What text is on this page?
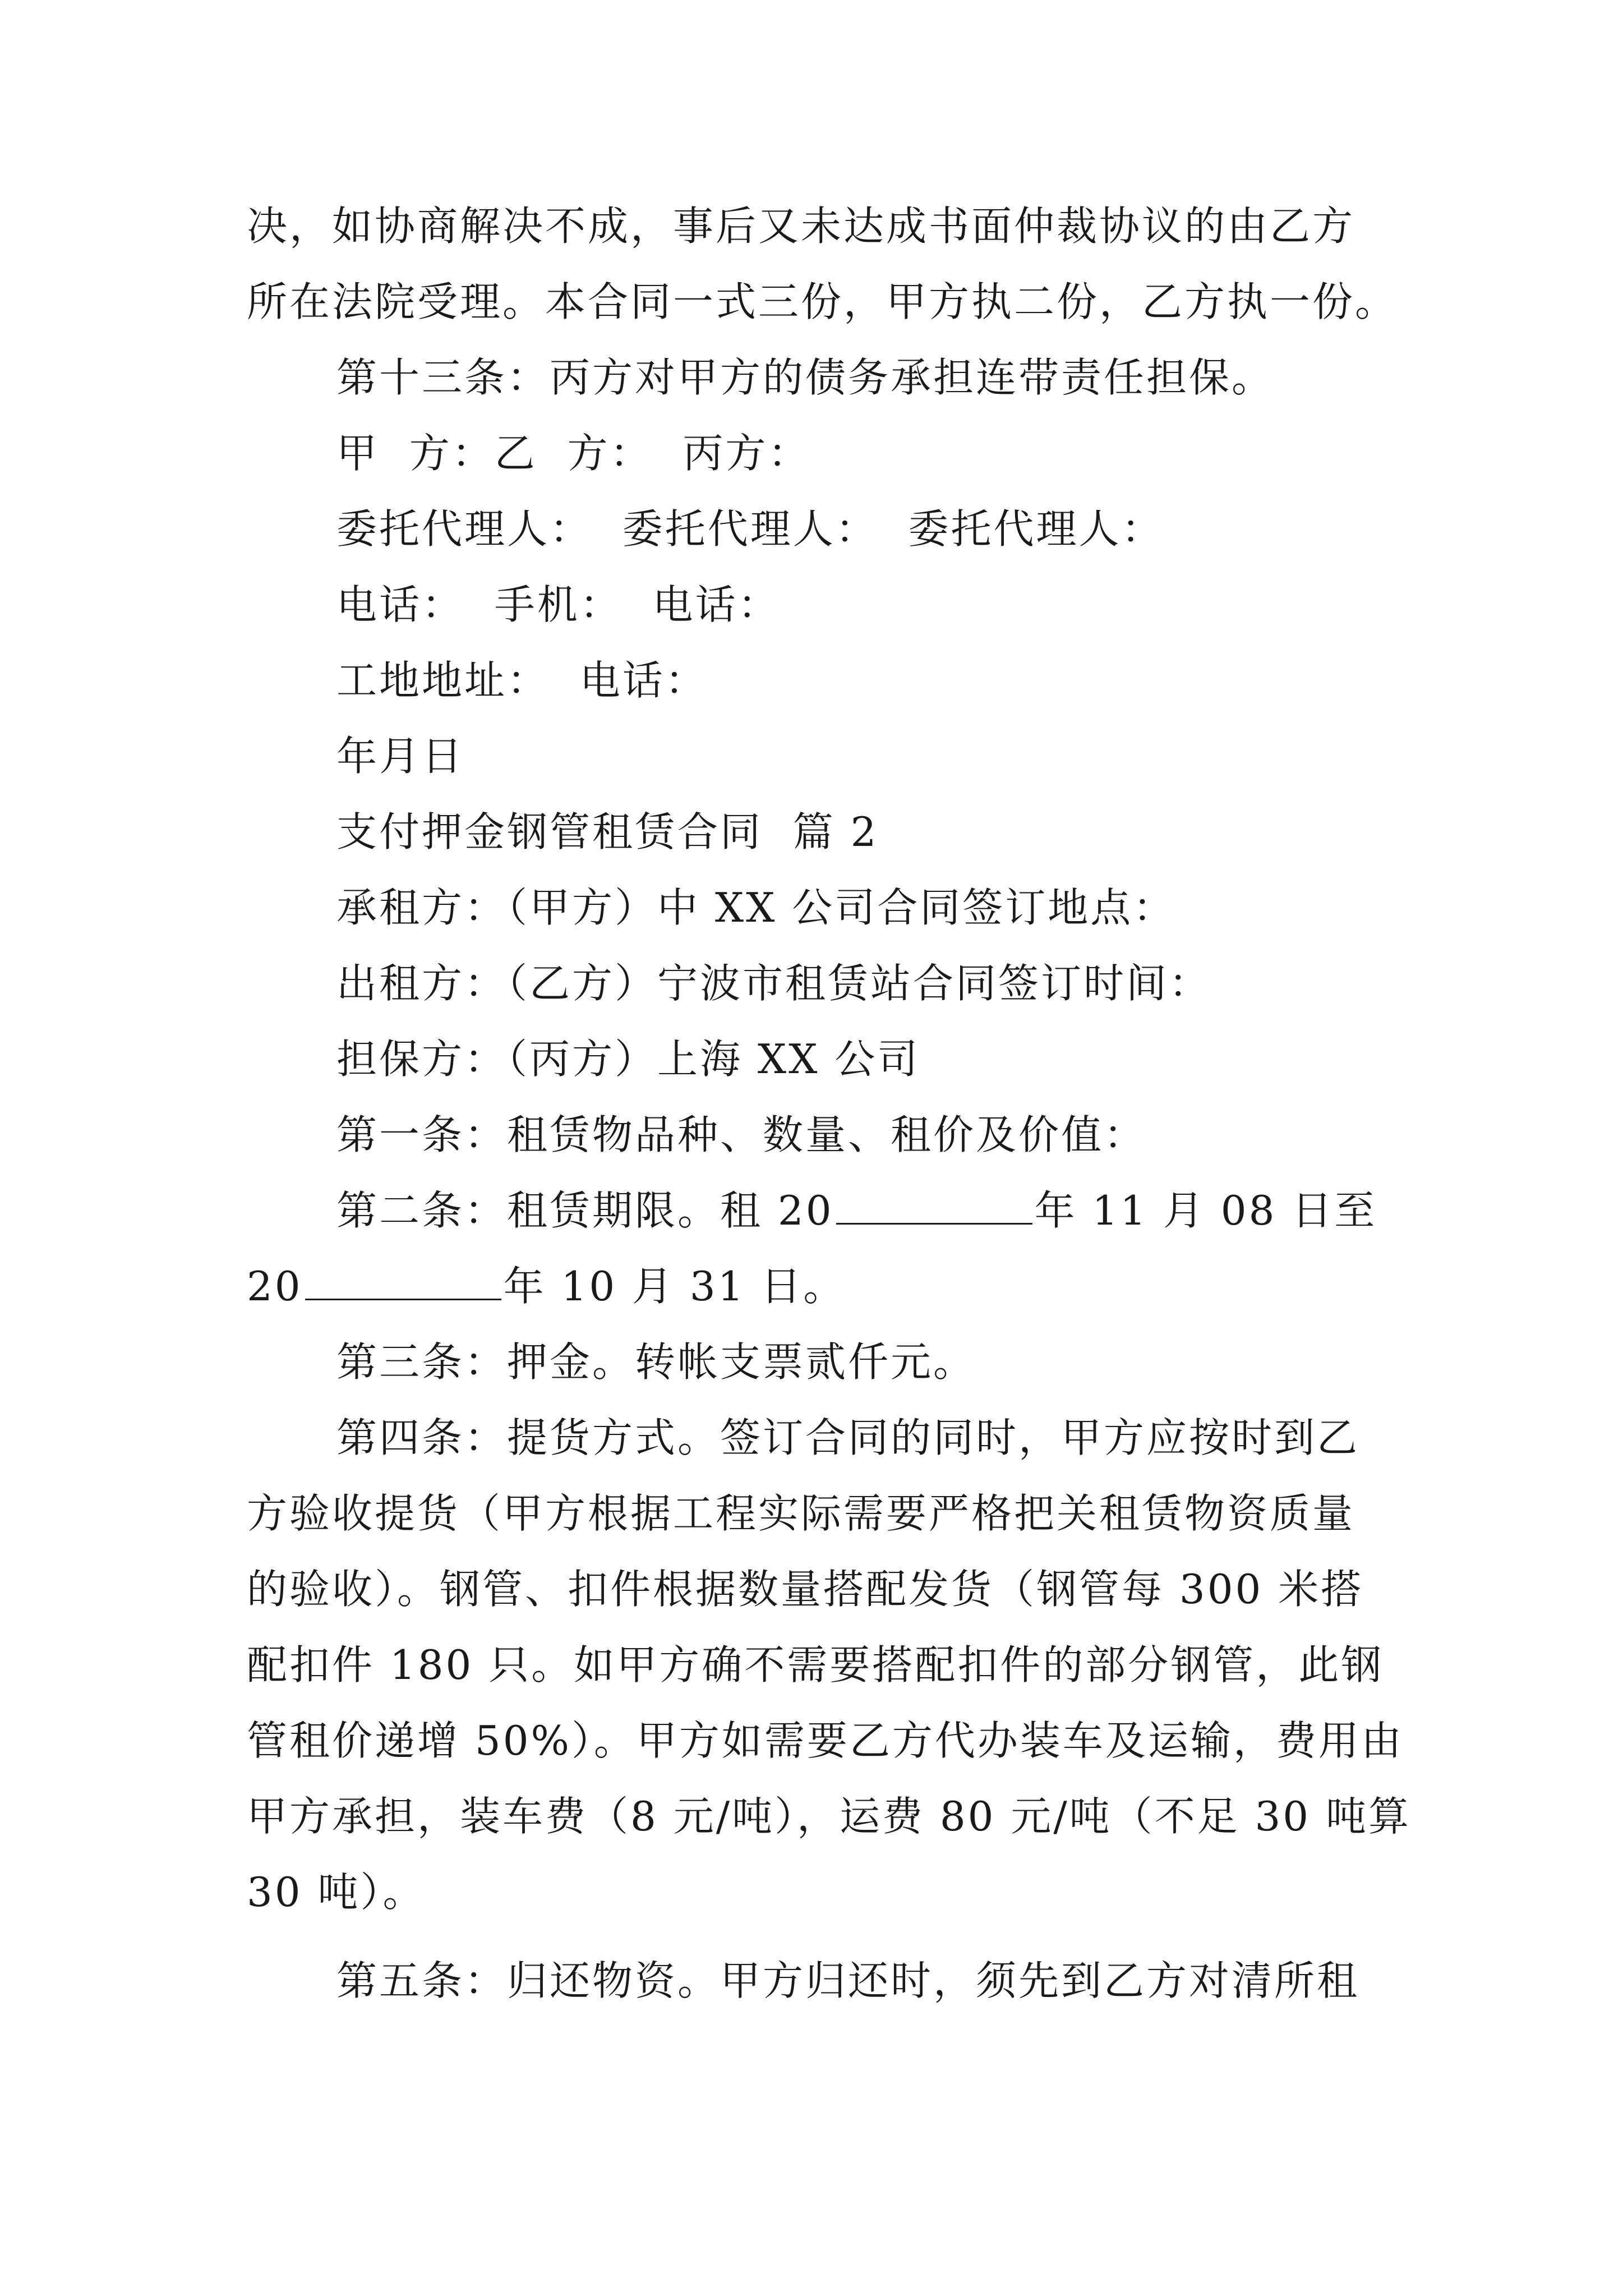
决，如协商解决不成，事后又未达成书面仲裁协议的由乙方
所在法院受理。本合同一式三份，甲方执二份，乙方执一份。
第十三条：丙方对甲方的债务承担连带责任担保。
甲  方：乙  方：  丙方：
委托代理人：  委托代理人：  委托代理人：
电话：  手机：  电话：
工地地址：  电话：
年月日
支付押金钢管租赁合同  篇 2
承租方：（甲方）中 XX 公司合同签订地点：
出租方：（乙方）宁波市租赁站合同签订时间：
担保方：（丙方）上海 XX 公司
第一条：租赁物品种、数量、租价及价值：
第二条：租赁期限。租 20	年 11 月 08 日至
20	年 10 月 31 日。
第三条：押金。转帐支票贰仟元。
第四条：提货方式。签订合同的同时，甲方应按时到乙
方验收提货（甲方根据工程实际需要严格把关租赁物资质量
的验收）。钢管、扣件根据数量搭配发货（钢管每 300 米搭
配扣件 180 只。如甲方确不需要搭配扣件的部分钢管，此钢
管租价递增 50%）。甲方如需要乙方代办装车及运输，费用由
甲方承担，装车费（8 元/吨），运费 80 元/吨（不足 30 吨算
30 吨）。
第五条：归还物资。甲方归还时，须先到乙方对清所租
